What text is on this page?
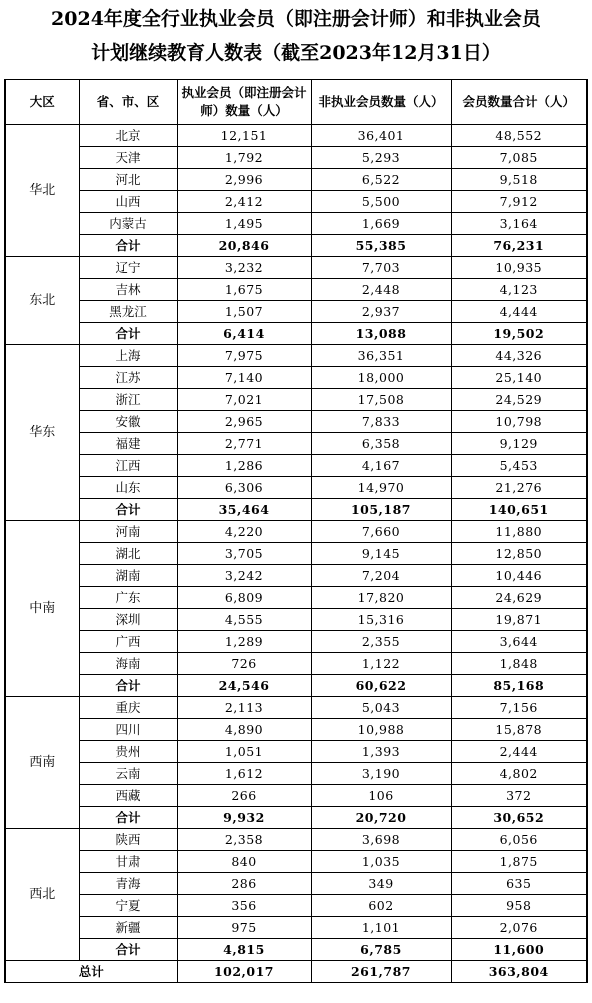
2024年度全行业执业会员（即注册会计师）和非执业会员
计划继续教育人数表（截至2023年12月31日）
大区	省、市、区	执业会员（即注册会计师）数量（人）	非执业会员数量（人）	会员数量合计（人）
华北	北京	12,151	36,401	48,552
	天津	1,792	5,293	7,085
	河北	2,996	6,522	9,518
	山西	2,412	5,500	7,912
	内蒙古	1,495	1,669	3,164
	合计	20,846	55,385	76,231
东北	辽宁	3,232	7,703	10,935
	吉林	1,675	2,448	4,123
	黑龙江	1,507	2,937	4,444
	合计	6,414	13,088	19,502
华东	上海	7,975	36,351	44,326
	江苏	7,140	18,000	25,140
	浙江	7,021	17,508	24,529
	安徽	2,965	7,833	10,798
	福建	2,771	6,358	9,129
	江西	1,286	4,167	5,453
	山东	6,306	14,970	21,276
	合计	35,464	105,187	140,651
中南	河南	4,220	7,660	11,880
	湖北	3,705	9,145	12,850
	湖南	3,242	7,204	10,446
	广东	6,809	17,820	24,629
	深圳	4,555	15,316	19,871
	广西	1,289	2,355	3,644
	海南	726	1,122	1,848
	合计	24,546	60,622	85,168
西南	重庆	2,113	5,043	7,156
	四川	4,890	10,988	15,878
	贵州	1,051	1,393	2,444
	云南	1,612	3,190	4,802
	西藏	266	106	372
	合计	9,932	20,720	30,652
西北	陕西	2,358	3,698	6,056
	甘肃	840	1,035	1,875
	青海	286	349	635
	宁夏	356	602	958
	新疆	975	1,101	2,076
	合计	4,815	6,785	11,600
总计		102,017	261,787	363,804
